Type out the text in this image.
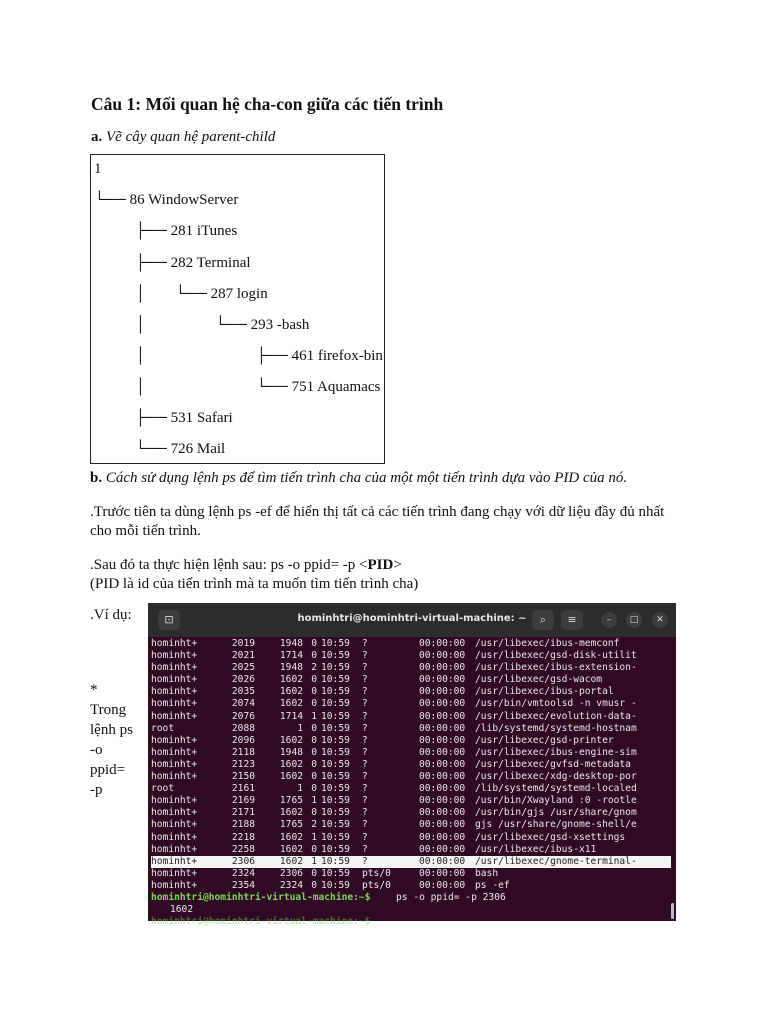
Câu 1: Mối quan hệ cha-con giữa các tiến trình
a. Vẽ cây quan hệ parent-child
1
└── 86 WindowServer
├── 281 iTunes
├── 282 Terminal
│ └── 287 login
│	└── 293 -bash
│	├── 461 firefox-bin
│	└── 751 Aquamacs
├── 531 Safari
└── 726 Mail
b. Cách sử dụng lệnh ps để tìm tiến trình cha của một một tiến trình dựa vào PID của nó.
.Trước tiên ta dùng lệnh ps -ef để hiển thị tất cả các tiến trình đang chạy với dữ liệu đầy đủ nhất cho mỗi tiến trình.
.Sau đó ta thực hiện lệnh sau: ps -o ppid= -p <PID>
(PID là id của tiến trình mà ta muốn tìm tiến trình cha)
.Ví dụ:
*
Trong
lệnh ps
-o
ppid=
-p
⊡	hominhtri@hominhtri-virtual-machine: ~	⌕	≡	–	□	✕
hominht+	2019	1948 0 10:59 ?	00:00:00 /usr/libexec/ibus-memconf
hominht+	2021	1714 0 10:59 ?	00:00:00 /usr/libexec/gsd-disk-utilit
hominht+	2025	1948 2 10:59 ?	00:00:00 /usr/libexec/ibus-extension-
hominht+	2026	1602 0 10:59 ?	00:00:00 /usr/libexec/gsd-wacom
hominht+	2035	1602 0 10:59 ?	00:00:00 /usr/libexec/ibus-portal
hominht+	2074	1602 0 10:59 ?	00:00:00 /usr/bin/vmtoolsd -n vmusr -
hominht+	2076	1714 1 10:59 ?	00:00:00 /usr/libexec/evolution-data-
root	2088	1 0 10:59 ?	00:00:00 /lib/systemd/systemd-hostnam
hominht+	2096	1602 0 10:59 ?	00:00:00 /usr/libexec/gsd-printer
hominht+	2118	1948 0 10:59 ?	00:00:00 /usr/libexec/ibus-engine-sim
hominht+	2123	1602 0 10:59 ?	00:00:00 /usr/libexec/gvfsd-metadata
hominht+	2150	1602 0 10:59 ?	00:00:00 /usr/libexec/xdg-desktop-por
root	2161	1 0 10:59 ?	00:00:00 /lib/systemd/systemd-localed
hominht+	2169	1765 1 10:59 ?	00:00:00 /usr/bin/Xwayland :0 -rootle
hominht+	2171	1602 0 10:59 ?	00:00:00 /usr/bin/gjs /usr/share/gnom
hominht+	2188	1765 2 10:59 ?	00:00:00 gjs /usr/share/gnome-shell/e
hominht+	2218	1602 1 10:59 ?	00:00:00 /usr/libexec/gsd-xsettings
hominht+	2258	1602 0 10:59 ?	00:00:00 /usr/libexec/ibus-x11
hominht+	2306	1602 1 10:59 ?	00:00:00 /usr/libexec/gnome-terminal-
hominht+	2324	2306 0 10:59 pts/0	00:00:00 bash
hominht+	2354	2324 0 10:59 pts/0	00:00:00 ps -ef
hominhtri@hominhtri-virtual-machine:~$ ps -o ppid= -p 2306
1602
hominhtri@hominhtri-virtual-machine:~$
